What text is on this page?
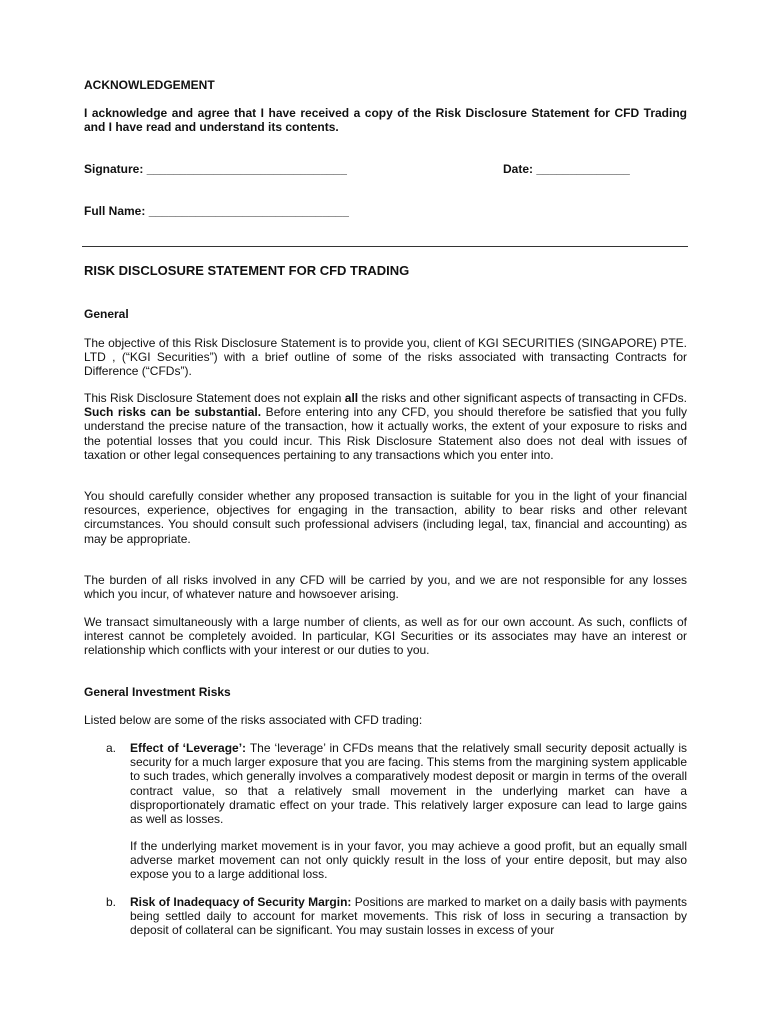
ACKNOWLEDGEMENT
I acknowledge and agree that I have received a copy of the Risk Disclosure Statement for CFD Trading and I have read and understand its contents.
Signature: ______________________________	Date: ______________
Full Name: ______________________________
RISK DISCLOSURE STATEMENT FOR CFD TRADING
General
The objective of this Risk Disclosure Statement is to provide you, client of KGI SECURITIES (SINGAPORE) PTE. LTD , (“KGI Securities”) with a brief outline of some of the risks associated with transacting Contracts for Difference (“CFDs”).
This Risk Disclosure Statement does not explain all the risks and other significant aspects of transacting in CFDs. Such risks can be substantial. Before entering into any CFD, you should therefore be satisfied that you fully understand the precise nature of the transaction, how it actually works, the extent of your exposure to risks and the potential losses that you could incur. This Risk Disclosure Statement also does not deal with issues of taxation or other legal consequences pertaining to any transactions which you enter into.
You should carefully consider whether any proposed transaction is suitable for you in the light of your financial resources, experience, objectives for engaging in the transaction, ability to bear risks and other relevant circumstances. You should consult such professional advisers (including legal, tax, financial and accounting) as may be appropriate.
The burden of all risks involved in any CFD will be carried by you, and we are not responsible for any losses which you incur, of whatever nature and howsoever arising.
We transact simultaneously with a large number of clients, as well as for our own account. As such, conflicts of interest cannot be completely avoided. In particular, KGI Securities or its associates may have an interest or relationship which conflicts with your interest or our duties to you.
General Investment Risks
Listed below are some of the risks associated with CFD trading:
a. Effect of ‘Leverage’: The ‘leverage’ in CFDs means that the relatively small security deposit actually is security for a much larger exposure that you are facing. This stems from the margining system applicable to such trades, which generally involves a comparatively modest deposit or margin in terms of the overall contract value, so that a relatively small movement in the underlying market can have a disproportionately dramatic effect on your trade. This relatively larger exposure can lead to large gains as well as losses.
If the underlying market movement is in your favor, you may achieve a good profit, but an equally small adverse market movement can not only quickly result in the loss of your entire deposit, but may also expose you to a large additional loss.
b. Risk of Inadequacy of Security Margin: Positions are marked to market on a daily basis with payments being settled daily to account for market movements. This risk of loss in securing a transaction by deposit of collateral can be significant. You may sustain losses in excess of your
